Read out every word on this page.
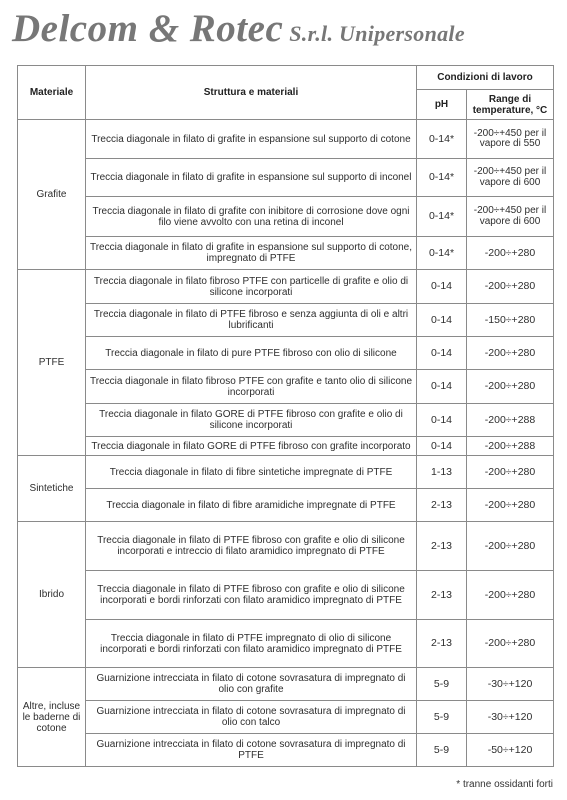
Delcom & Rotec S.r.l. Unipersonale
Materiale	Struttura e materiali	Condizioni di lavoro	
		pH	Range di temperature, °C
Grafite	Treccia diagonale in filato di grafite in espansione sul supporto di cotone	0-14*	-200÷+450 per il vapore di 550
	Treccia diagonale in filato di grafite in espansione sul supporto di inconel	0-14*	-200÷+450 per il vapore di 600
	Treccia diagonale in filato di grafite con inibitore di corrosione dove ogni filo viene avvolto con una retina di inconel	0-14*	-200÷+450 per il vapore di 600
	Treccia diagonale in filato di grafite in espansione sul supporto di cotone, impregnato di PTFE	0-14*	-200÷+280
PTFE	Treccia diagonale in filato fibroso PTFE con particelle di grafite e olio di silicone incorporati	0-14	-200÷+280
	Treccia diagonale in filato di PTFE fibroso e senza aggiunta di oli e altri lubrificanti	0-14	-150÷+280
	Treccia diagonale in filato di pure PTFE fibroso con olio di silicone	0-14	-200÷+280
	Treccia diagonale in filato fibroso PTFE con grafite e tanto olio di silicone incorporati	0-14	-200÷+280
	Treccia diagonale in filato GORE di PTFE fibroso con grafite e olio di silicone incorporati	0-14	-200÷+288
	Treccia diagonale in filato GORE di PTFE fibroso con grafite incorporato	0-14	-200÷+288
Sintetiche	Treccia diagonale in filato di fibre sintetiche impregnate di PTFE	1-13	-200÷+280
	Treccia diagonale in filato di fibre aramidiche impregnate di PTFE	2-13	-200÷+280
Ibrido	Treccia diagonale in filato di PTFE fibroso con grafite e olio di silicone incorporati e intreccio di filato aramidico impregnato di PTFE	2-13	-200÷+280
	Treccia diagonale in filato di PTFE fibroso con grafite e olio di silicone incorporati e bordi rinforzati con filato aramidico impregnato di PTFE	2-13	-200÷+280
	Treccia diagonale in filato di PTFE impregnato di olio di silicone incorporati e bordi rinforzati con filato aramidico impregnato di PTFE	2-13	-200÷+280
Altre, incluse le baderne di cotone	Guarnizione intrecciata in filato di cotone sovrasatura di impregnato di olio con grafite	5-9	-30÷+120
	Guarnizione intrecciata in filato di cotone sovrasatura di impregnato di olio con talco	5-9	-30÷+120
	Guarnizione intrecciata in filato di cotone sovrasatura di impregnato di PTFE	5-9	-50÷+120
* tranne ossidanti forti
